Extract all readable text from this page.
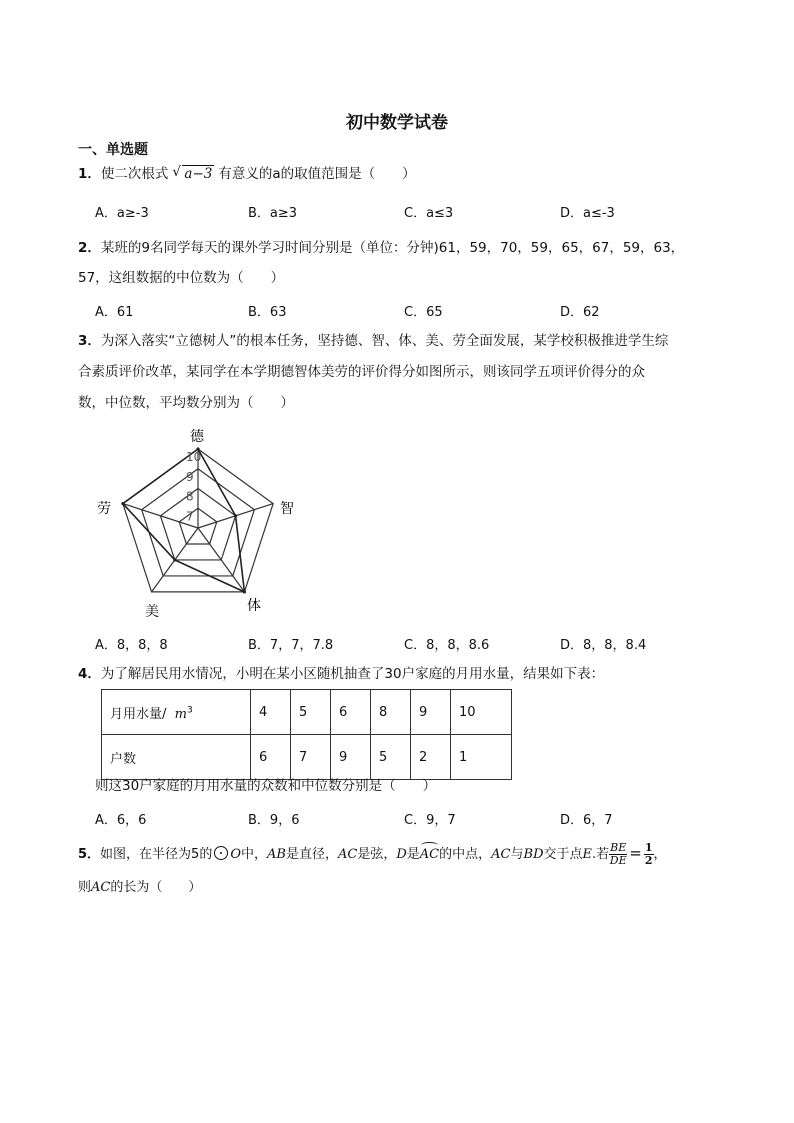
初中数学试卷
一、单选题
1．使二次根式 √ a−3 有意义的a的取值范围是（　　）
A．a≥-3	B．a≥3	C．a≤3	D．a≤-3
2．某班的9名同学每天的课外学习时间分别是（单位：分钟)61，59，70，59，65，67，59，63，
57，这组数据的中位数为（　　）
A．61	B．63	C．65	D．62
3．为深入落实“立德树人”的根本任务，坚持德、智、体、美、劳全面发展，某学校积极推进学生综
合素质评价改革，某同学在本学期德智体美劳的评价得分如图所示，则该同学五项评价得分的众
数，中位数，平均数分别为（　　）
7
8
9
10
德
智
体
美
劳
A．8，8，8	B．7，7，7.8	C．8，8，8.6	D．8，8，8.4
4．为了解居民用水情况，小明在某小区随机抽查了30户家庭的月用水量，结果如下表：
月用水量/ $m^3$	4	5	6	8	9	10
户数	6	7	9	5	2	1
则这30户家庭的月用水量的众数和中位数分别是（　　）
A．6，6	B．9，6	C．9，7	D．6，7
5．如图，在半径为5的 O中，AB是直径，AC是弦，D是AC的中点，AC与BD交于点E.若 $\frac{BE}{DE} = \frac{1}{2}$ ，
则AC的长为（　　）
